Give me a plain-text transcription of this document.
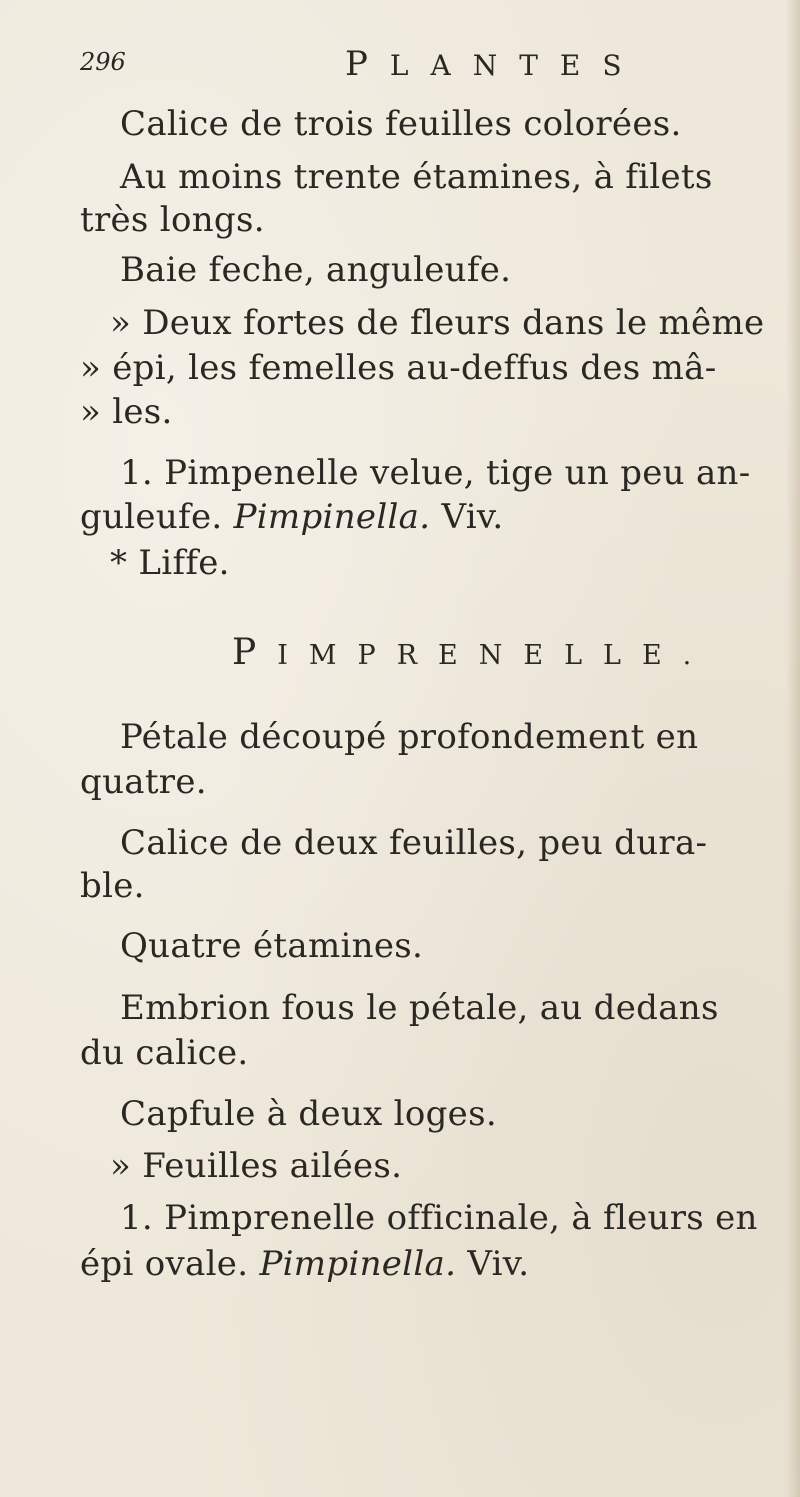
296	PLANTES
Calice de trois feuilles colorées.
Au moins trente étamines, à filets
très longs.
Baie feche, anguleufe.
» Deux fortes de fleurs dans le même
» épi, les femelles au-deffus des mâ-
» les.
1. Pimpenelle velue, tige un peu an-
guleufe. Pimpinella. Viv.
* Liffe.
PIMPRENELLE.
Pétale découpé profondement en
quatre.
Calice de deux feuilles, peu dura-
ble.
Quatre étamines.
Embrion fous le pétale, au dedans
du calice.
Capfule à deux loges.
» Feuilles ailées.
1. Pimprenelle officinale, à fleurs en
épi ovale. Pimpinella. Viv.
